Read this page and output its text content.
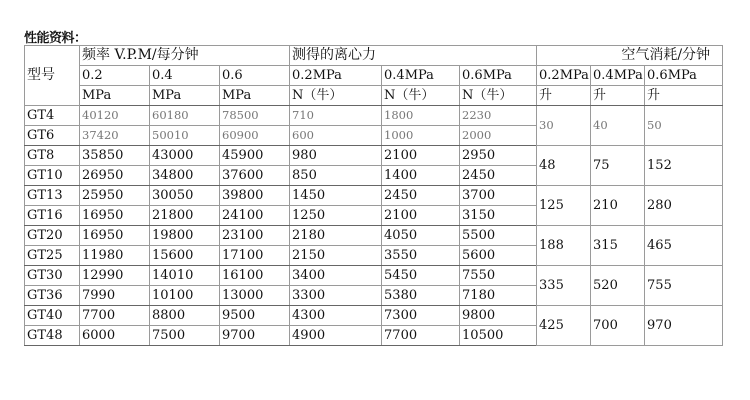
性能资料：
型号	频率 V.P.M/每分钟			测得的离心力			空气消耗/分钟		
	0.2	0.4	0.6	0.2MPa	0.4MPa	0.6MPa	0.2MPa	0.4MPa	0.6MPa
	MPa	MPa	MPa	N（牛）	N（牛）	N（牛）	升	升	升
GT4	40120	60180	78500	710	1800	2230	30	40	50
GT6	37420	50010	60900	600	1000	2000			
GT8	35850	43000	45900	980	2100	2950	48	75	152
GT10	26950	34800	37600	850	1400	2450			
GT13	25950	30050	39800	1450	2450	3700	125	210	280
GT16	16950	21800	24100	1250	2100	3150			
GT20	16950	19800	23100	2180	4050	5500	188	315	465
GT25	11980	15600	17100	2150	3550	5600			
GT30	12990	14010	16100	3400	5450	7550	335	520	755
GT36	7990	10100	13000	3300	5380	7180			
GT40	7700	8800	9500	4300	7300	9800	425	700	970
GT48	6000	7500	9700	4900	7700	10500			
